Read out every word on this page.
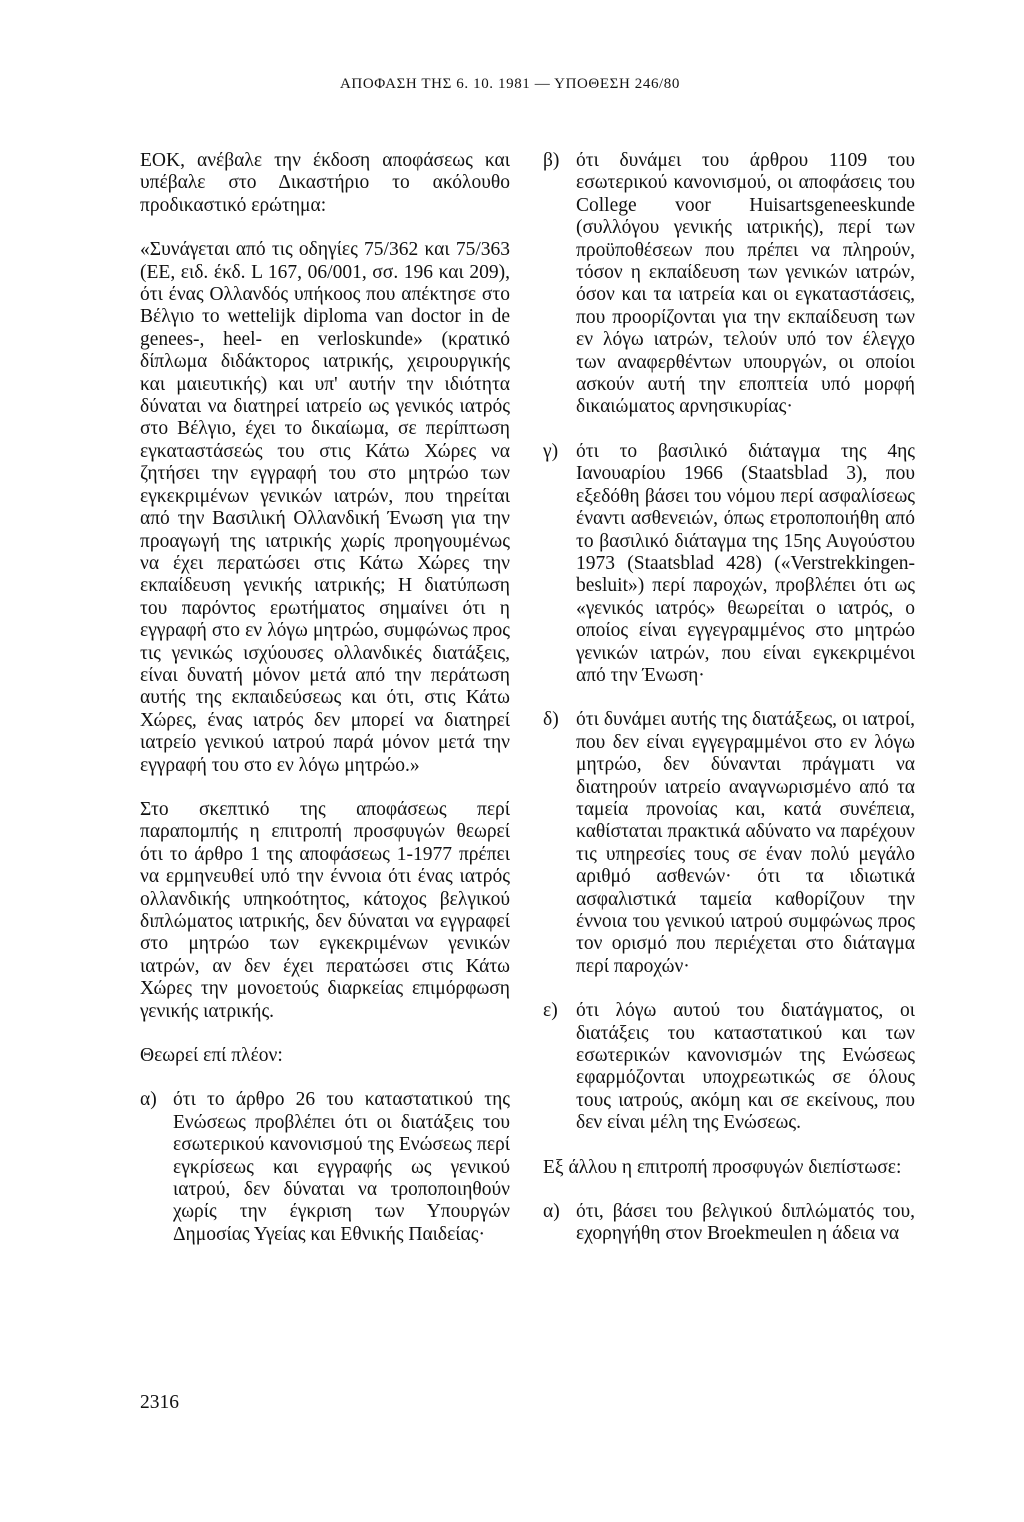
ΑΠΟΦΑΣΗ ΤΗΣ 6. 10. 1981 — ΥΠΟΘΕΣΗ 246/80

ΕΟΚ, ανέβαλε την έκδοση αποφάσεως και υπέβαλε στο Δικαστήριο το ακόλουθο προδικαστικό ερώτημα:

«Συνάγεται από τις οδηγίες 75/362 και 75/363 (ΕΕ, ειδ. έκδ. L 167, 06/001, σσ. 196 και 209), ότι ένας Ολλανδός υπήκοος που απέκτησε στο Βέλγιο το wettelijk diploma van doctor in de genees-, heel- en verloskunde» (κρατικό δίπλωμα διδάκτορος ιατρικής, χειρουργικής και μαιευτικής) και υπ' αυτήν την ιδιότητα δύναται να διατηρεί ιατρείο ως γενικός ιατρός στο Βέλγιο, έχει το δικαίωμα, σε περίπτωση εγκαταστάσεώς του στις Κάτω Χώρες να ζητήσει την εγγραφή του στο μητρώο των εγκεκριμένων γενικών ιατρών, που τηρείται από την Βασιλική Ολλανδική Ένωση για την προαγωγή της ιατρικής χωρίς προηγουμένως να έχει περατώσει στις Κάτω Χώρες την εκπαίδευση γενικής ιατρικής; Η διατύπωση του παρόντος ερωτήματος σημαίνει ότι η εγγραφή στο εν λόγω μητρώο, συμφώνως προς τις γενικώς ισχύουσες ολλανδικές διατάξεις, είναι δυνατή μόνον μετά από την περάτωση αυτής της εκπαιδεύσεως και ότι, στις Κάτω Χώρες, ένας ιατρός δεν μπορεί να διατηρεί ιατρείο γενικού ιατρού παρά μόνον μετά την εγγραφή του στο εν λόγω μητρώο.»

Στο σκεπτικό της αποφάσεως περί παραπομπής η επιτροπή προσφυγών θεωρεί ότι το άρθρο 1 της αποφάσεως 1-1977 πρέπει να ερμηνευθεί υπό την έννοια ότι ένας ιατρός ολλανδικής υπηκοότητος, κάτοχος βελγικού διπλώματος ιατρικής, δεν δύναται να εγγραφεί στο μητρώο των εγκεκριμένων γενικών ιατρών, αν δεν έχει περατώσει στις Κάτω Χώρες την μονοετούς διαρκείας επιμόρφωση γενικής ιατρικής.

Θεωρεί επί πλέον:

α) ότι το άρθρο 26 του καταστατικού της Ενώσεως προβλέπει ότι οι διατάξεις του εσωτερικού κανονισμού της Ενώσεως περί εγκρίσεως και εγγραφής ως γενικού ιατρού, δεν δύναται να τροποποιηθούν χωρίς την έγκριση των Υπουργών Δημοσίας Υγείας και Εθνικής Παιδείας·
β) ότι δυνάμει του άρθρου 1109 του εσωτερικού κανονισμού, οι αποφάσεις του College voor Huisartsgeneeskunde (συλλόγου γενικής ιατρικής), περί των προϋποθέσεων που πρέπει να πληρούν, τόσον η εκπαίδευση των γενικών ιατρών, όσον και τα ιατρεία και οι εγκαταστάσεις, που προορίζονται για την εκπαίδευση των εν λόγω ιατρών, τελούν υπό τον έλεγχο των αναφερθέντων υπουργών, οι οποίοι ασκούν αυτή την εποπτεία υπό μορφή δικαιώματος αρνησικυρίας·
γ) ότι το βασιλικό διάταγμα της 4ης Ιανουαρίου 1966 (Staatsblad 3), που εξεδόθη βάσει του νόμου περί ασφαλίσεως έναντι ασθενειών, όπως ετροποποιήθη από το βασιλικό διάταγμα της 15ης Αυγούστου 1973 (Staatsblad 428) («Verstrekkingen-besluit») περί παροχών, προβλέπει ότι ως «γενικός ιατρός» θεωρείται ο ιατρός, ο οποίος είναι εγγεγραμμένος στο μητρώο γενικών ιατρών, που είναι εγκεκριμένοι από την Ένωση·
δ) ότι δυνάμει αυτής της διατάξεως, οι ιατροί, που δεν είναι εγγεγραμμένοι στο εν λόγω μητρώο, δεν δύνανται πράγματι να διατηρούν ιατρείο αναγνωρισμένο από τα ταμεία προνοίας και, κατά συνέπεια, καθίσταται πρακτικά αδύνατο να παρέχουν τις υπηρεσίες τους σε έναν πολύ μεγάλο αριθμό ασθενών· ότι τα ιδιωτικά ασφαλιστικά ταμεία καθορίζουν την έννοια του γενικού ιατρού συμφώνως προς τον ορισμό που περιέχεται στο διάταγμα περί παροχών·
ε) ότι λόγω αυτού του διατάγματος, οι διατάξεις του καταστατικού και των εσωτερικών κανονισμών της Ενώσεως εφαρμόζονται υποχρεωτικώς σε όλους τους ιατρούς, ακόμη και σε εκείνους, που δεν είναι μέλη της Ενώσεως.

Εξ άλλου η επιτροπή προσφυγών διεπίστωσε:

α) ότι, βάσει του βελγικού διπλώματός του, εχορηγήθη στον Broekmeulen η άδεια να
2316
